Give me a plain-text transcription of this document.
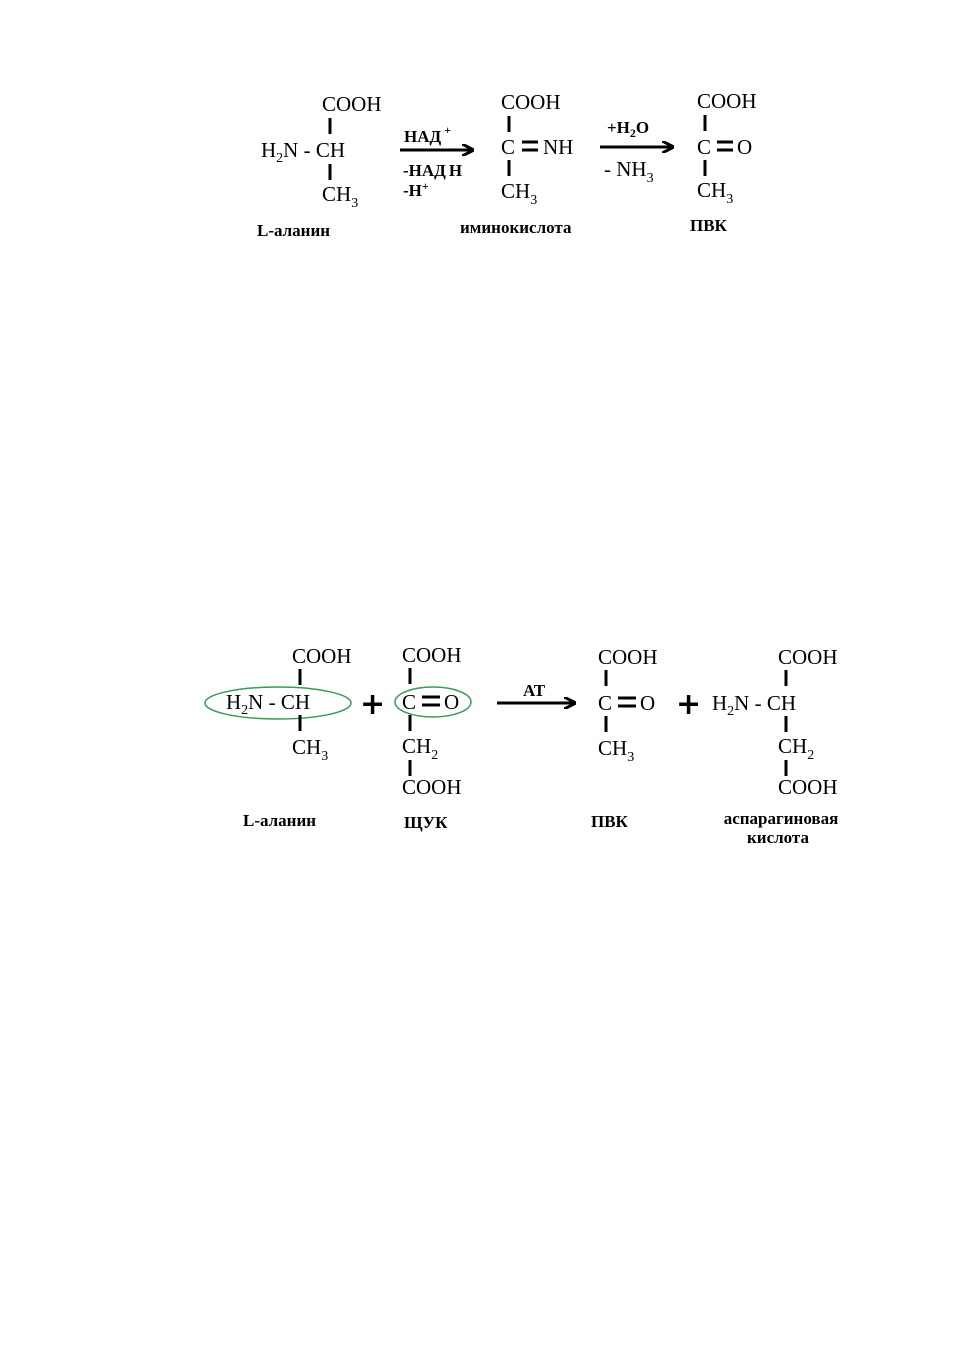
COOH
$H_2N$ - CH
$CH_3$
L-аланин
НАД +
-НАД H
-H+
COOH
C NH
$CH_3$
иминокислота
$+H_2O$
- $NH_3$
COOH
C O
$CH_3$
ПВК
COOH
$H_2N$ - CH
$CH_3$
L-аланин
+
COOH
C O
$CH_2$
COOH
ЩУК
АТ
COOH
C O
$CH_3$
ПВК
+
COOH
$H_2N$ - CH
$CH_2$
COOH
аспарагиновая
кислота
